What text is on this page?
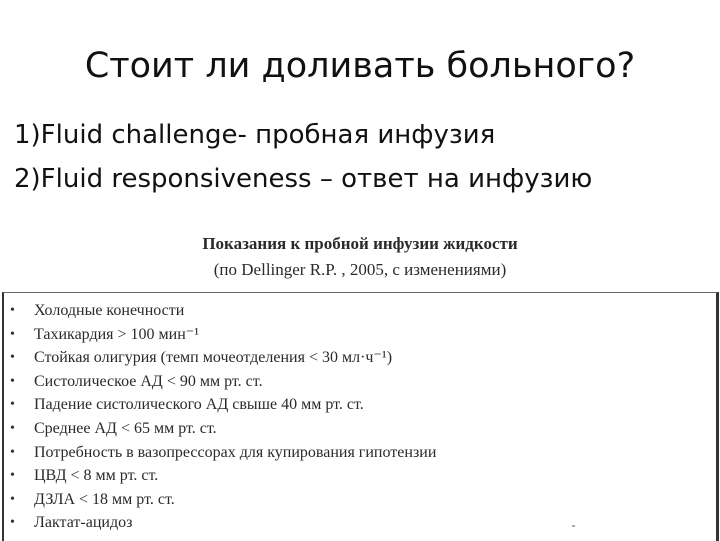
Стоит ли доливать больного?
1)Fluid challenge- пробная инфузия
2)Fluid responsiveness – ответ на инфузию
Показания к пробной инфузии жидкости
(по Dellinger R.P. , 2005, с изменениями)
• Холодные конечности
• Тахикардия > 100 мин⁻¹
• Стойкая олигурия (темп мочеотделения < 30 мл·ч⁻¹)
• Систолическое АД < 90 мм рт. ст.
• Падение систолического АД свыше 40 мм рт. ст.
• Среднее АД < 65 мм рт. ст.
• Потребность в вазопрессорах для купирования гипотензии
• ЦВД < 8 мм рт. ст.
• ДЗЛА < 18 мм рт. ст.
• Лактат-ацидоз
